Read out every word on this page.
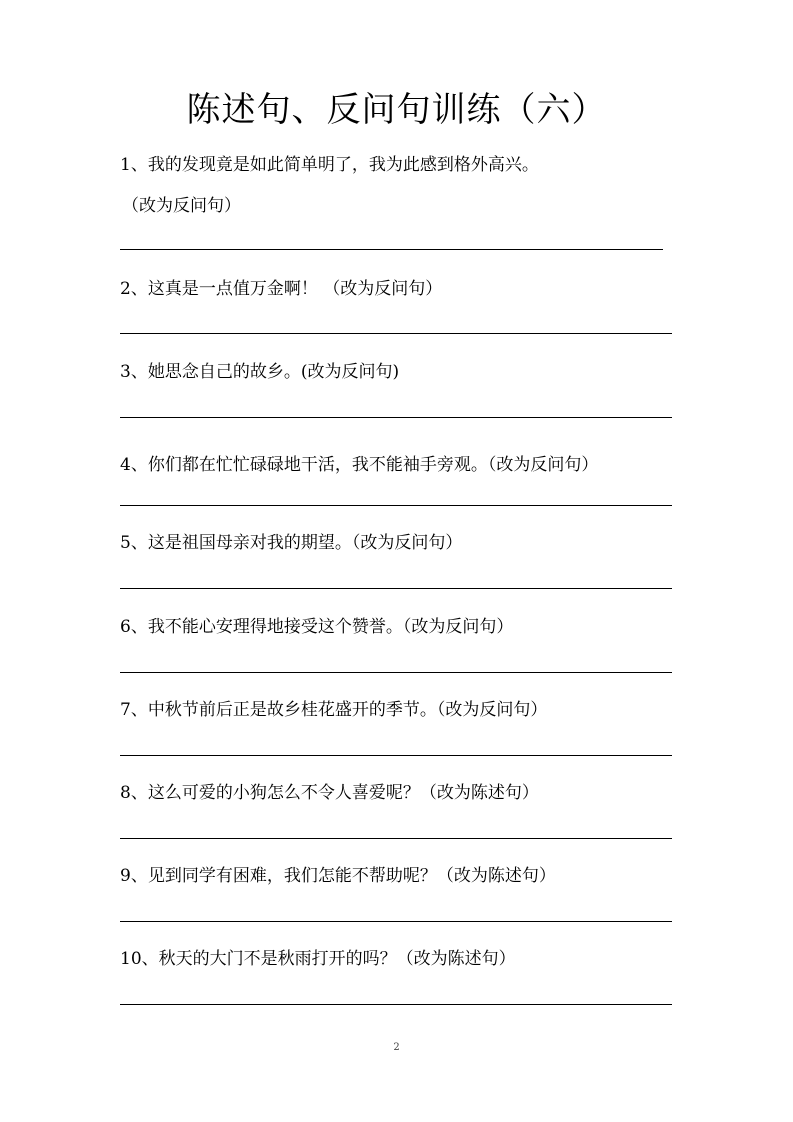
陈述句、反问句训练（六）
1、我的发现竟是如此简单明了，我为此感到格外高兴。
（改为反问句）
2、这真是一点值万金啊！ （改为反问句）
3、她思念自己的故乡。(改为反问句)
4、你们都在忙忙碌碌地干活，我不能袖手旁观。（改为反问句）
5、这是祖国母亲对我的期望。（改为反问句）
6、我不能心安理得地接受这个赞誉。（改为反问句）
7、中秋节前后正是故乡桂花盛开的季节。（改为反问句）
8、这么可爱的小狗怎么不令人喜爱呢？（改为陈述句）
9、见到同学有困难，我们怎能不帮助呢？（改为陈述句）
10、秋天的大门不是秋雨打开的吗？（改为陈述句）
2
